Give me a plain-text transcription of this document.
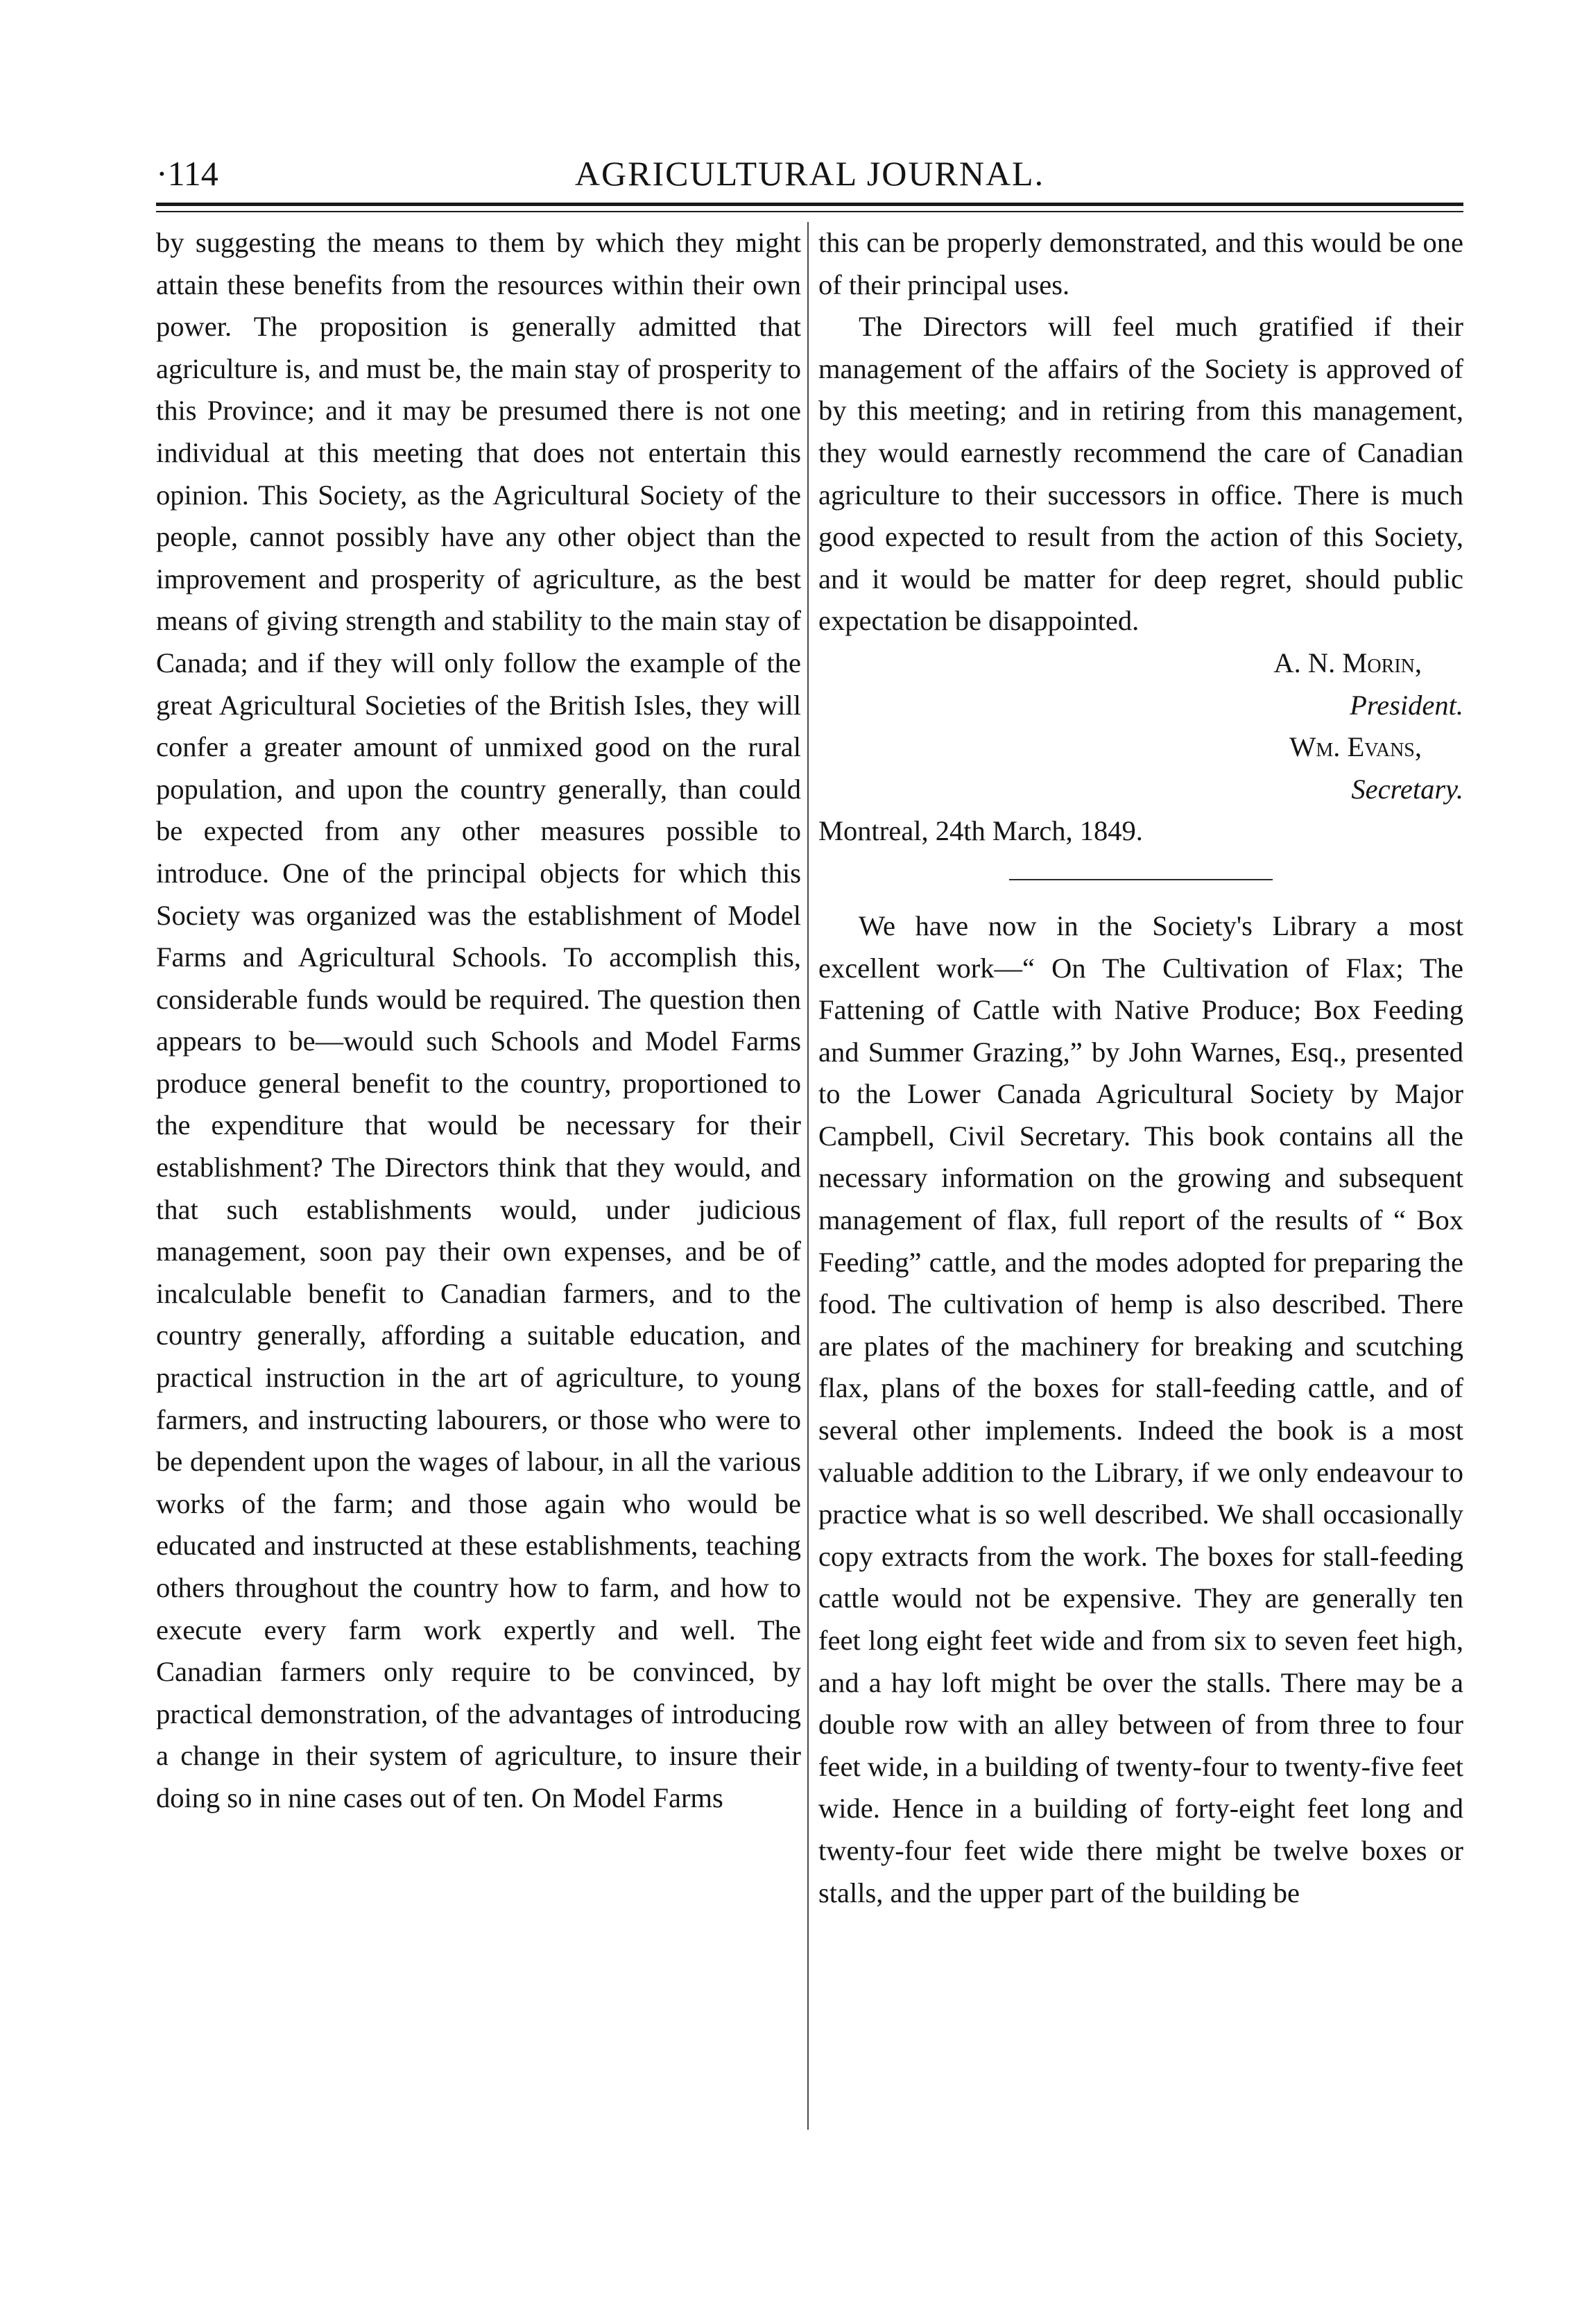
·114	AGRICULTURAL JOURNAL.

by suggesting the means to them by which they might attain these benefits from the resources within their own power. The proposition is generally admitted that agriculture is, and must be, the main stay of prosperity to this Province; and it may be presumed there is not one individual at this meeting that does not entertain this opinion. This Society, as the Agricultural Society of the people, cannot possibly have any other object than the improvement and prosperity of agriculture, as the best means of giving strength and stability to the main stay of Canada; and if they will only follow the example of the great Agricultural Societies of the British Isles, they will confer a greater amount of unmixed good on the rural population, and upon the country generally, than could be expected from any other measures possible to introduce. One of the principal objects for which this Society was organized was the establishment of Model Farms and Agricultural Schools. To accomplish this, considerable funds would be required. The question then appears to be—would such Schools and Model Farms produce general benefit to the country, proportioned to the expenditure that would be necessary for their establishment? The Directors think that they would, and that such establishments would, under judicious management, soon pay their own expenses, and be of incalculable benefit to Canadian farmers, and to the country generally, affording a suitable education, and practical instruction in the art of agriculture, to young farmers, and instructing labourers, or those who were to be dependent upon the wages of labour, in all the various works of the farm; and those again who would be educated and instructed at these establishments, teaching others throughout the country how to farm, and how to execute every farm work expertly and well. The Canadian farmers only require to be convinced, by practical demonstration, of the advantages of introducing a change in their system of agriculture, to insure their doing so in nine cases out of ten. On Model Farms

this can be properly demonstrated, and this would be one of their principal uses.

The Directors will feel much gratified if their management of the affairs of the Society is approved of by this meeting; and in retiring from this management, they would earnestly recommend the care of Canadian agriculture to their successors in office. There is much good expected to result from the action of this Society, and it would be matter for deep regret, should public expectation be disappointed.

A. N. Morin,

President.

Wm. Evans,

Secretary.

Montreal, 24th March, 1849.

We have now in the Society's Library a most excellent work—“ On The Cultivation of Flax; The Fattening of Cattle with Native Produce; Box Feeding and Summer Grazing,” by John Warnes, Esq., presented to the Lower Canada Agricultural Society by Major Campbell, Civil Secretary. This book contains all the necessary information on the growing and subsequent management of flax, full report of the results of “ Box Feeding” cattle, and the modes adopted for preparing the food. The cultivation of hemp is also described. There are plates of the machinery for breaking and scutching flax, plans of the boxes for stall-feeding cattle, and of several other implements. Indeed the book is a most valuable addition to the Library, if we only endeavour to practice what is so well described. We shall occasionally copy extracts from the work. The boxes for stall-feeding cattle would not be expensive. They are generally ten feet long eight feet wide and from six to seven feet high, and a hay loft might be over the stalls. There may be a double row with an alley between of from three to four feet wide, in a building of twenty-four to twenty-five feet wide. Hence in a building of forty-eight feet long and twenty-four feet wide there might be twelve boxes or stalls, and the upper part of the building be
